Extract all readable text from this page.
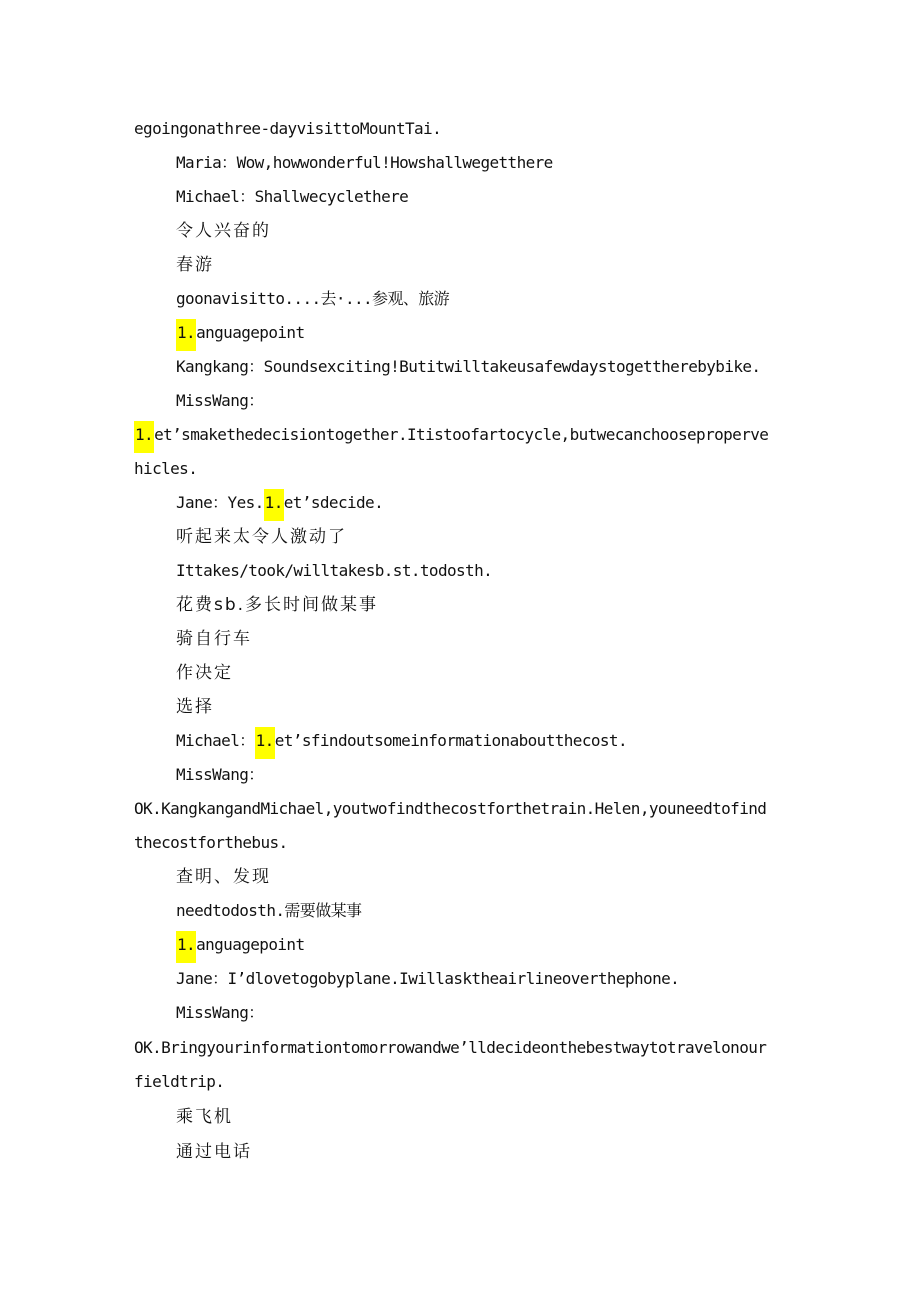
egoingonathree-dayvisittoMountTai.
Maria：Wow,howwonderful!Howshallwegetthere
Michael：Shallwecyclethere
令人兴奋的
春游
goonavisitto....去·...参观、旅游
1.anguagepoint
Kangkang：Soundsexciting!Butitwilltakeusafewdaystogettherebybike.
MissWang：
1.et’smakethedecisiontogether.Itistoofartocycle,butwecanchooseproperve
hicles.
Jane：Yes.1.et’sdecide.
听起来太令人激动了
Ittakes/took/willtakesb.st.todosth.
花费sb.多长时间做某事
骑自行车
作决定
选择
Michael：1.et’sfindoutsomeinformationaboutthecost.
MissWang：
OK.KangkangandMichael,youtwofindthecostforthetrain.Helen,youneedtofind
thecostforthebus.
查明、发现
needtodosth.需要做某事
1.anguagepoint
Jane：I’dlovetogobyplane.Iwillasktheairlineoverthephone.
MissWang：
OK.Bringyourinformationtomorrowandwe’lldecideonthebestwaytotravelonour
fieldtrip.
乘飞机
通过电话
